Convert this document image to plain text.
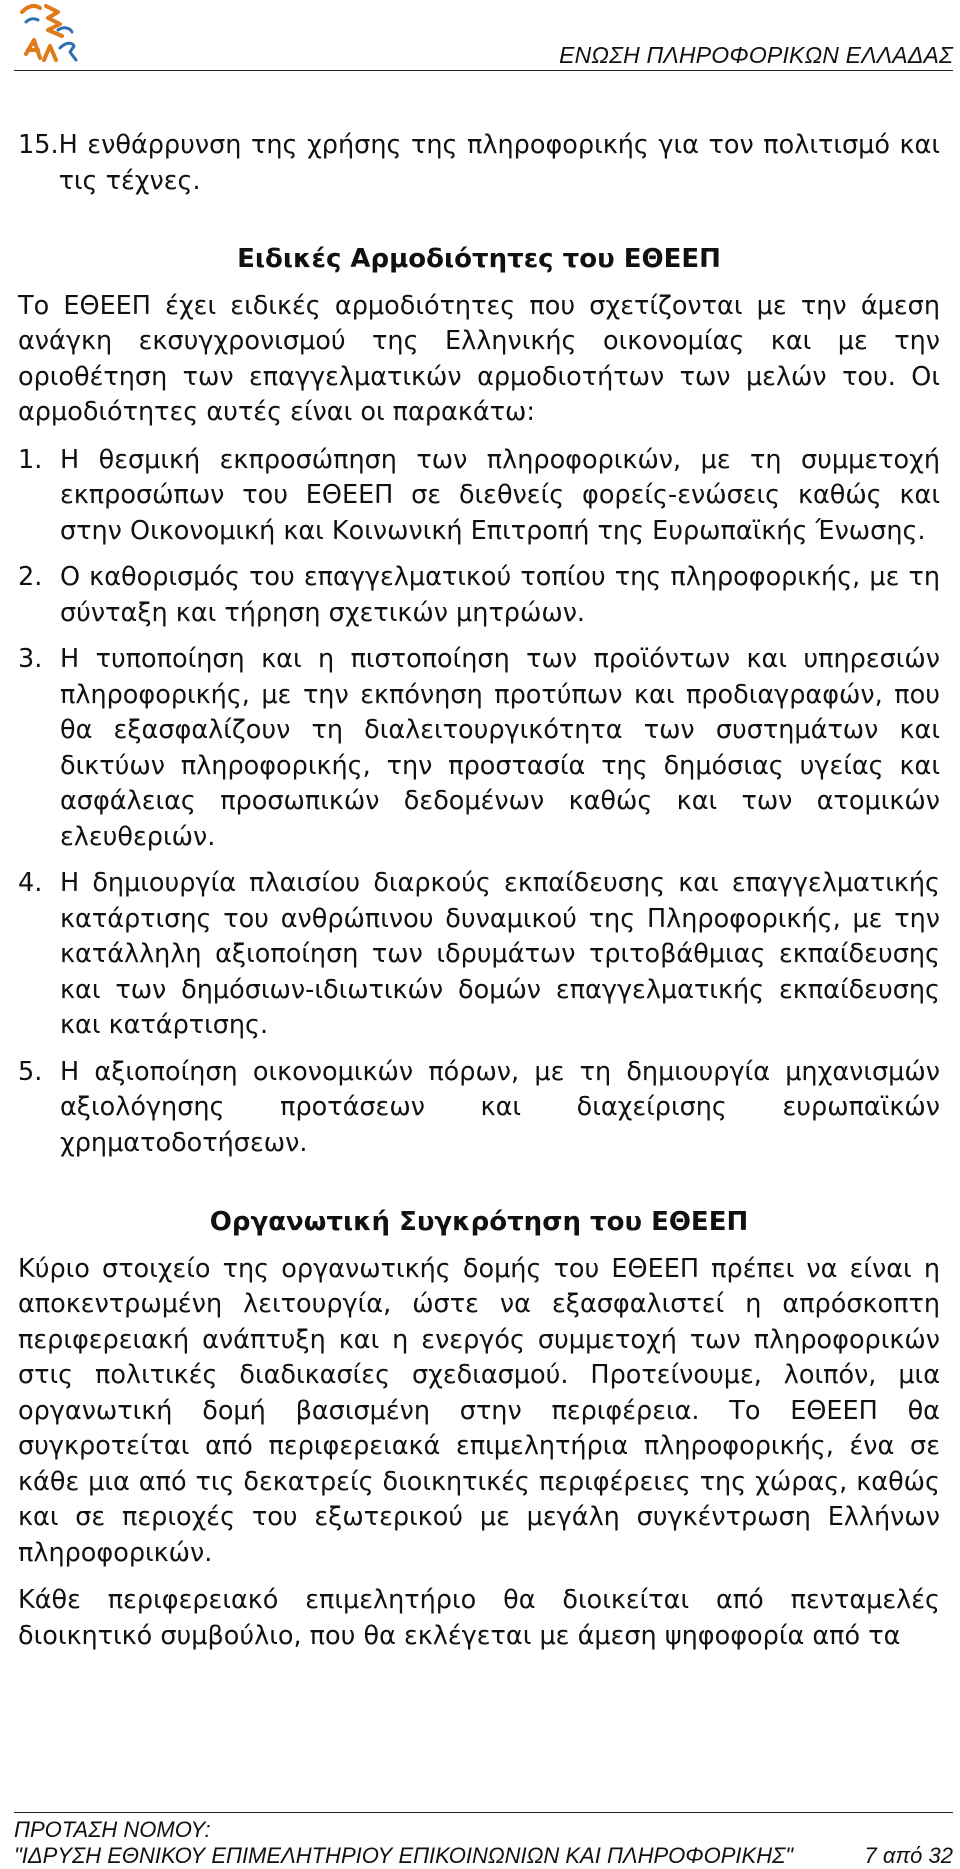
ΕΝΩΣΗ ΠΛΗΡΟΦΟΡΙΚΩΝ ΕΛΛΑΔΑΣ
15. Η ενθάρρυνση της χρήσης της πληροφορικής για τον πολιτισμό και τις τέχνες.

Ειδικές Αρμοδιότητες του ΕΘΕΕΠ

Το ΕΘΕΕΠ έχει ειδικές αρμοδιότητες που σχετίζονται με την άμεση ανάγκη εκσυγχρονισμού της Ελληνικής οικονομίας και με την οριοθέτηση των επαγγελματικών αρμοδιοτήτων των μελών του. Οι αρμοδιότητες αυτές είναι οι παρακάτω:

1. Η θεσμική εκπροσώπηση των πληροφορικών, με τη συμμετοχή εκπροσώπων του ΕΘΕΕΠ σε διεθνείς φορείς-ενώσεις καθώς και στην Οικονομική και Κοινωνική Επιτροπή της Ευρωπαϊκής Ένωσης.
2. Ο καθορισμός του επαγγελματικού τοπίου της πληροφορικής, με τη σύνταξη και τήρηση σχετικών μητρώων.
3. Η τυποποίηση και η πιστοποίηση των προϊόντων και υπηρεσιών πληροφορικής, με την εκπόνηση προτύπων και προδιαγραφών, που θα εξασφαλίζουν τη διαλειτουργικότητα των συστημάτων και δικτύων πληροφορικής, την προστασία της δημόσιας υγείας και ασφάλειας προσωπικών δεδομένων καθώς και των ατομικών ελευθεριών.
4. Η δημιουργία πλαισίου διαρκούς εκπαίδευσης και επαγγελματικής κατάρτισης του ανθρώπινου δυναμικού της Πληροφορικής, με την κατάλληλη αξιοποίηση των ιδρυμάτων τριτοβάθμιας εκπαίδευσης και των δημόσιων-ιδιωτικών δομών επαγγελματικής εκπαίδευσης και κατάρτισης.
5. Η αξιοποίηση οικονομικών πόρων, με τη δημιουργία μηχανισμών αξιολόγησης προτάσεων και διαχείρισης ευρωπαϊκών χρηματοδοτήσεων.

Οργανωτική Συγκρότηση του ΕΘΕΕΠ

Κύριο στοιχείο της οργανωτικής δομής του ΕΘΕΕΠ πρέπει να είναι η αποκεντρωμένη λειτουργία, ώστε να εξασφαλιστεί η απρόσκοπτη περιφερειακή ανάπτυξη και η ενεργός συμμετοχή των πληροφορικών στις πολιτικές διαδικασίες σχεδιασμού. Προτείνουμε, λοιπόν, μια οργανωτική δομή βασισμένη στην περιφέρεια. Το ΕΘΕΕΠ θα συγκροτείται από περιφερειακά επιμελητήρια πληροφορικής, ένα σε κάθε μια από τις δεκατρείς διοικητικές περιφέρειες της χώρας, καθώς και σε περιοχές του εξωτερικού με μεγάλη συγκέντρωση Ελλήνων πληροφορικών.

Κάθε περιφερειακό επιμελητήριο θα διοικείται από πενταμελές διοικητικό συμβούλιο, που θα εκλέγεται με άμεση ψηφοφορία από τα

ΠΡΟΤΑΣΗ ΝΟΜΟΥ:
"ΙΔΡΥΣΗ ΕΘΝΙΚΟΥ ΕΠΙΜΕΛΗΤΗΡΙΟΥ ΕΠΙΚΟΙΝΩΝΙΩΝ ΚΑΙ ΠΛΗΡΟΦΟΡΙΚΗΣ"	7 από 32
